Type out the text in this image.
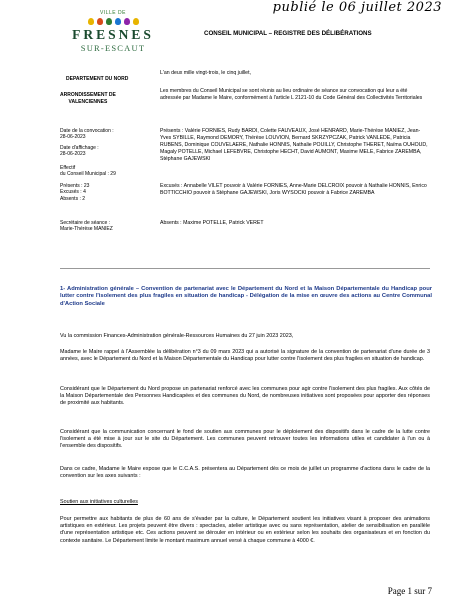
publié le 06 juillet 2023
VILLE DE
FRESNES
SUR-ESCAUT
DEPARTEMENT DU NORD
ARRONDISSEMENT DE
VALENCIENNES
CONSEIL MUNICIPAL – REGISTRE DES DÉLIBÉRATIONS
L'an deux mille vingt-trois, le cinq juillet,
Les membres du Conseil Municipal se sont réunis au lieu ordinaire de séance sur convocation qui leur a été adressée par Madame le Maire, conformément à l'article L 2121-10 du Code Général des Collectivités Territoriales
Date de la convocation :
28-06-2023
Date d'affichage :
28-06-2023
Effectif
du Conseil Municipal : 29
Présents : 23
Excusés : 4
Absents : 2
Secrétaire de séance :
Marie-Thérèse MANIEZ
Présents : Valérie FORNIES, Rudy BARDI, Colette FAUVEAUX, José HENRARD, Marie-Thérèse MANIEZ, Jean-Yves SYBILLE, Raymond DEMORY, Thérèse LOUVION, Bernard SKRZYPCZAK, Patrick VANLEDE, Patricia RUBENS, Dominique COUVELAERE, Nathalie HONNIS, Nathalie POUILLY, Christophe THERET, Naïma OUHOUD, Magaly POTELLE, Michael LEFEBVRE, Christophe HECHT, David AUMONT, Maxime MELE, Fabrice ZAREMBA, Stéphane GAJEWSKI
Excusés : Annabelle VILET pouvoir à Valérie FORNIES, Anne-Marie DELCROIX pouvoir à Nathalie HONNIS, Enrico BOTTICCHIO pouvoir à Stéphane GAJEWSKI, Joris WYSOCKI pouvoir à Fabrice ZAREMBA
Absents : Maxime POTELLE, Patrick VERET
1- Administration générale – Convention de partenariat avec le Département du Nord et la Maison Départementale du Handicap pour lutter contre l'isolement des plus fragiles en situation de handicap - Délégation de la mise en œuvre des actions au Centre Communal d'Action Sociale
Vu la commission Finances-Administration générale-Ressources Humaines du 27 juin 2023 2023,
Madame le Maire rappel à l'Assemblée la délibération n°3 du 09 mars 2023 qui a autorisé la signature de la convention de partenariat d'une durée de 3 années, avec le Département du Nord et la Maison Départementale du Handicap pour lutter contre l'isolement des plus fragiles en situation de handicap.
Considérant que le Département du Nord propose un partenariat renforcé avec les communes pour agir contre l'isolement des plus fragiles. Aux côtés de la Maison Départementale des Personnes Handicapées et des communes du Nord, de nombreuses initiatives sont proposées pour apporter des réponses de proximité aux habitants.
Considérant que la communication concernant le fond de soutien aux communes pour le déploiement des dispositifs dans le cadre de la lutte contre l'isolement a été mise à jour sur le site du Département. Les communes peuvent retrouver toutes les informations utiles et candidater à l'un ou à l'ensemble des dispositifs.
Dans ce cadre, Madame le Maire expose que le C.C.A.S. présentera au Département dès ce mois de juillet un programme d'actions dans le cadre de la convention sur les axes suivants :
Soutien aux initiatives culturelles
Pour permettre aux habitants de plus de 60 ans de s'évader par la culture, le Département soutient les initiatives visant à proposer des animations artistiques en extérieur. Les projets peuvent être divers : spectacles, atelier artistique avec ou sans représentation, atelier de sensibilisation en parallèle d'une représentation artistique etc. Ces actions peuvent se dérouler en intérieur ou en extérieur selon les souhaits des organisateurs et en fonction du contexte sanitaire. Le Département limite le montant maximum annuel versé à chaque commune à 4000 €.
Page 1 sur 7
